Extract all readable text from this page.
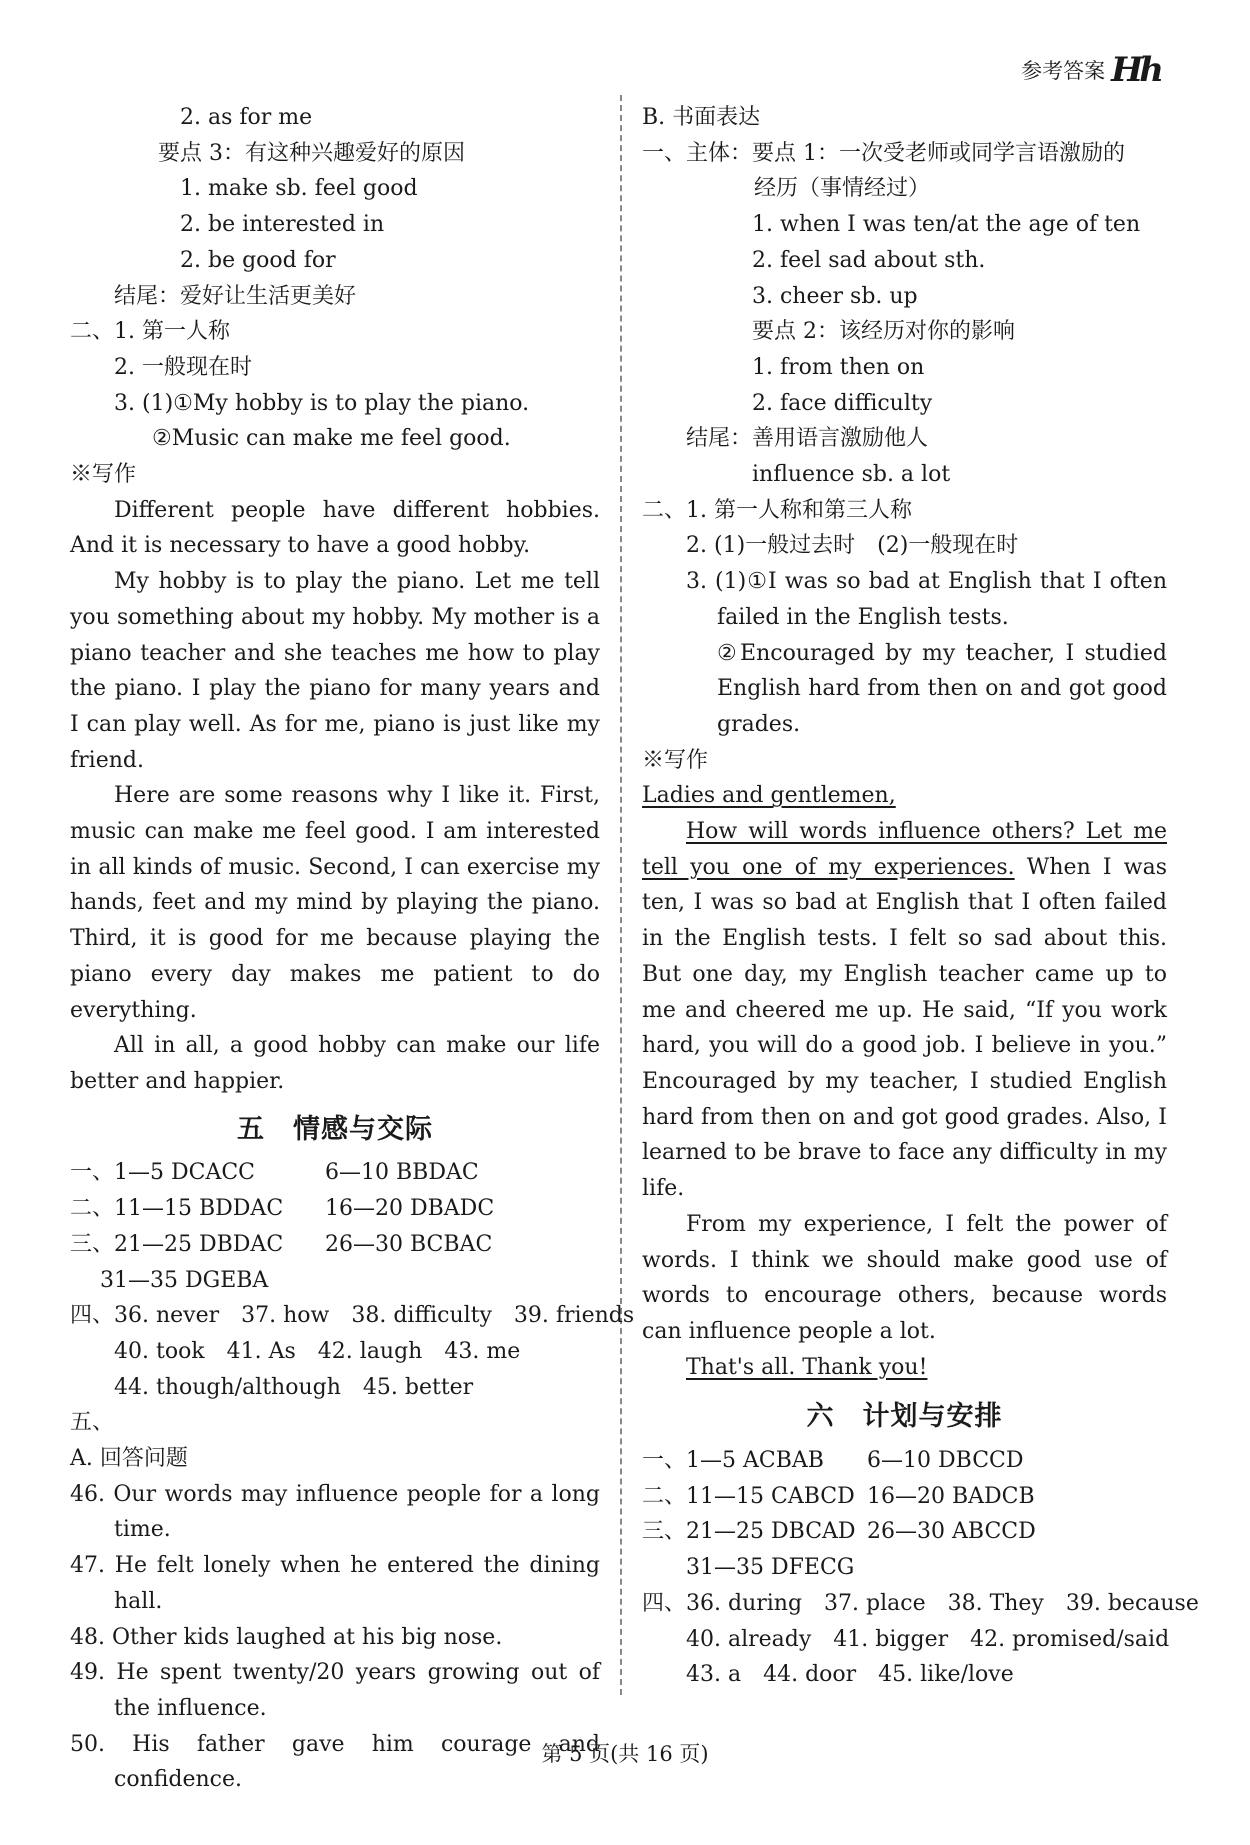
参考答案 Hh
2. as for me
要点 3：有这种兴趣爱好的原因
1. make sb. feel good
2. be interested in
2. be good for
结尾：爱好让生活更美好
二、1. 第一人称
2. 一般现在时
3. (1)①My hobby is to play the piano.
②Music can make me feel good.
※写作
Different people have different hobbies. And it is necessary to have a good hobby.
My hobby is to play the piano. Let me tell you something about my hobby. My mother is a piano teacher and she teaches me how to play the piano. I play the piano for many years and I can play well. As for me, piano is just like my friend.
Here are some reasons why I like it. First, music can make me feel good. I am interested in all kinds of music. Second, I can exercise my hands, feet and my mind by playing the piano. Third, it is good for me because playing the piano every day makes me patient to do everything.
All in all, a good hobby can make our life better and happier.
五　情感与交际
一、1—5 DCACC	6—10 BBDAC
二、11—15 BDDAC	16—20 DBADC
三、21—25 DBDAC	26—30 BCBAC
31—35 DGEBA
四、36. never　37. how　38. difficulty　39. friends
40. took　41. As　42. laugh　43. me
44. though/although　45. better
五、
A. 回答问题
46. Our words may influence people for a long time.
47. He felt lonely when he entered the dining hall.
48. Other kids laughed at his big nose.
49. He spent twenty/20 years growing out of the influence.
50. His father gave him courage and confidence.
B. 书面表达
一、主体：要点 1：一次受老师或同学言语激励的
经历（事情经过）
1. when I was ten/at the age of ten
2. feel sad about sth.
3. cheer sb. up
要点 2：该经历对你的影响
1. from then on
2. face difficulty
结尾：善用语言激励他人
influence sb. a lot
二、1. 第一人称和第三人称
2. (1)一般过去时　(2)一般现在时
3. (1)①I was so bad at English that I often failed in the English tests.
②Encouraged by my teacher, I studied English hard from then on and got good grades.
※写作
Ladies and gentlemen,
How will words influence others? Let me tell you one of my experiences. When I was ten, I was so bad at English that I often failed in the English tests. I felt so sad about this. But one day, my English teacher came up to me and cheered me up. He said, “If you work hard, you will do a good job. I believe in you.” Encouraged by my teacher, I studied English hard from then on and got good grades. Also, I learned to be brave to face any difficulty in my life.
From my experience, I felt the power of words. I think we should make good use of words to encourage others, because words can influence people a lot.
That's all. Thank you!
六　计划与安排
一、1—5 ACBAB	6—10 DBCCD
二、11—15 CABCD 16—20 BADCB
三、21—25 DBCAD 26—30 ABCCD
31—35 DFECG
四、36. during　37. place　38. They　39. because
40. already　41. bigger　42. promised/said
43. a　44. door　45. like/love
第 5 页(共 16 页)
